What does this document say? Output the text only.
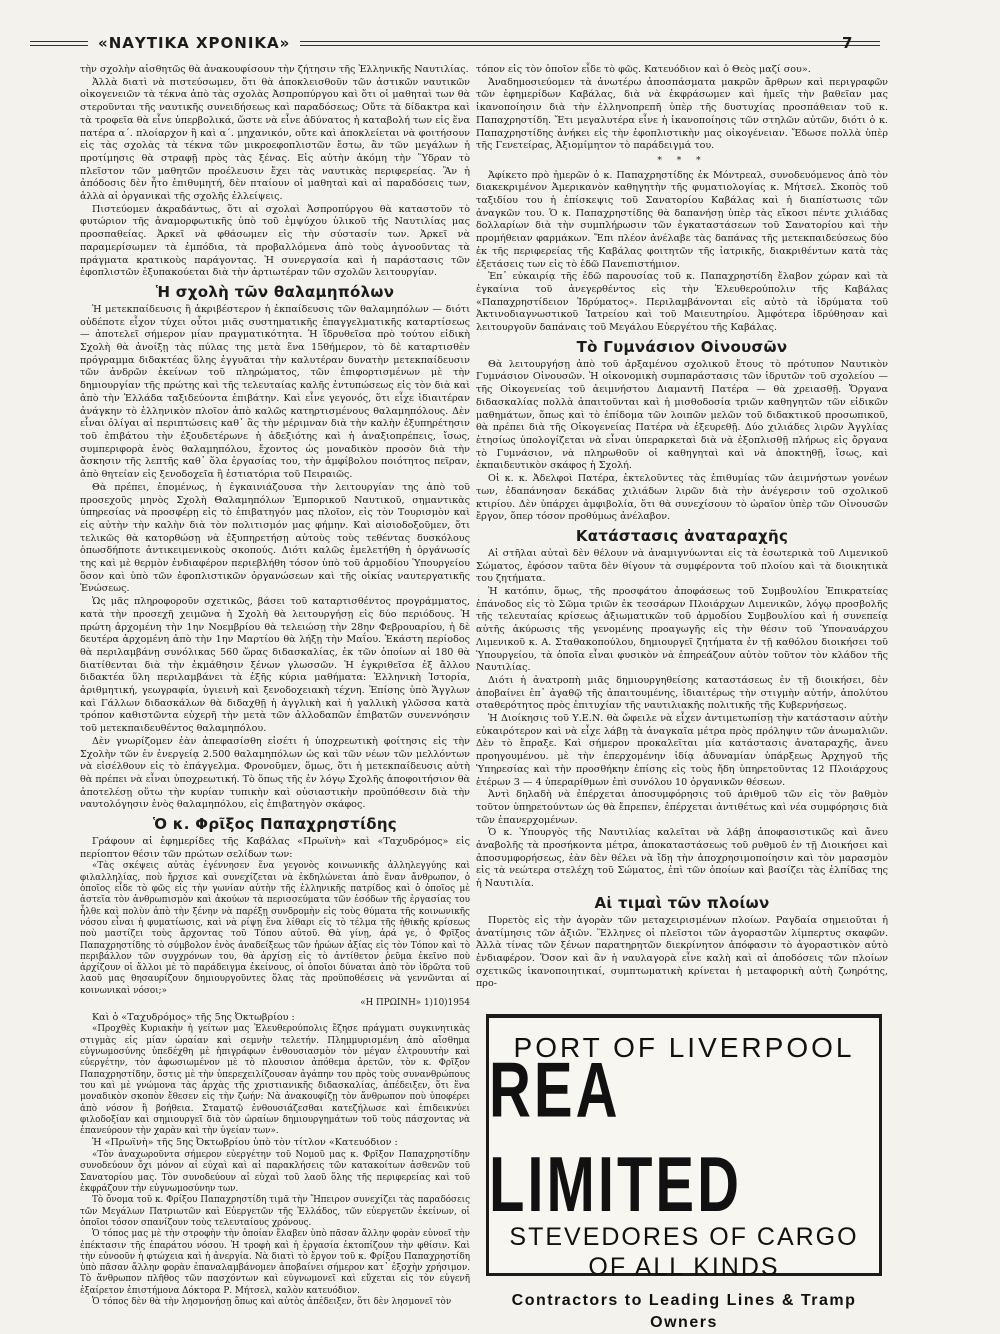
«ΝΑΥΤΙΚΑ ΧΡΟΝΙΚΑ»	7

τὴν σχολὴν αἰσθητῶς θὰ ἀνακουφίσουν τὴν ζήτησιν τῆς Ἑλληνικῆς Ναυτιλίας.

Ἀλλὰ διατὶ νὰ πιστεύσωμεν, ὅτι θὰ ἀποκλεισθοῦν τῶν ἀστικῶν ναυτικῶν οἰκογενειῶν τὰ τέκνα ἀπὸ τὰς σχολὰς Ἀσπροπύργου καὶ ὅτι οἱ μαθηταὶ των θὰ στεροῦνται τῆς ναυτικῆς συνειδήσεως καὶ παραδόσεως; Οὔτε τὰ δίδακτρα καὶ τὰ τροφεῖα θὰ εἶνε ὑπερβολικά, ὥστε νὰ εἶνε ἀδύνατος ἡ καταβολή των εἰς ἕνα πατέρα α΄. πλοίαρχον ἢ καὶ α΄. μηχανικόν, οὔτε καὶ ἀποκλείεται νὰ φοιτήσουν εἰς τὰς σχολὰς τὰ τέκνα τῶν μικροεφοπλιστῶν ἔστω, ἂν τῶν μεγάλων ἡ προτίμησις θὰ στραφῇ πρὸς τὰς ξένας. Εἰς αὐτὴν ἀκόμη τὴν Ὕδραν τὸ πλεῖστον τῶν μαθητῶν προέλευσιν ἔχει τὰς ναυτικὰς περιφερείας. Ἂν ἡ ἀπόδοσις δὲν ἦτο ἐπιθυμητή, δὲν πταίουν οἱ μαθηταὶ καὶ αἱ παραδόσεις των, ἀλλὰ αἱ ὀργανικαὶ τῆς σχολῆς ἐλλείψεις.

Πιστεύομεν ἀκραδάντως, ὅτι αἱ σχολαὶ Ἀσπροπύργου θὰ καταστοῦν τὸ φυτώριον τῆς ἀναμορφωτικῆς ὑπὸ τοῦ ἐμψύχου ὑλικοῦ τῆς Ναυτιλίας μας προσπαθείας. Ἀρκεῖ νὰ φθάσωμεν εἰς τὴν σύστασίν των. Ἀρκεῖ νὰ παραμερίσωμεν τὰ ἐμπόδια, τὰ προβαλλόμενα ἀπὸ τοὺς ἀγνοοῦντας τὰ πράγματα κρατικοὺς παράγοντας. Ἡ συνεργασία καὶ ἡ παράστασις τῶν ἐφοπλιστῶν ἐξυπακούεται διὰ τὴν ἀρτιωτέραν τῶν σχολῶν λειτουργίαν.

Ἡ σχολὴ τῶν θαλαμηπόλων

Ἡ μετεκπαίδευσις ἢ ἀκριβέστερον ἡ ἐκπαίδευσις τῶν θαλαμηπόλων — διότι οὐδέποτε εἶχον τύχει οὗτοι μιᾶς συστηματικῆς ἐπαγγελματικῆς καταρτίσεως — ἀποτελεῖ σήμερον μίαν πραγματικότητα. Ἡ ἵδρυθεῖσα πρὸ τούτου εἰδικὴ Σχολὴ θὰ ἀνοίξῃ τὰς πύλας της μετὰ ἕνα 15θήμερον, τὸ δὲ καταρτισθὲν πρόγραμμα διδακτέας ὕλης ἐγγυᾶται τὴν καλυτέραν δυνατὴν μετεκπαίδευσιν τῶν ἀνδρῶν ἐκείνων τοῦ πληρώματος, τῶν ἐπιφορτισμένων μὲ τὴν δημιουργίαν τῆς πρώτης καὶ τῆς τελευταίας καλῆς ἐντυπώσεως εἰς τὸν διὰ καὶ ἀπὸ τὴν Ἑλλάδα ταξιδεύοντα ἐπιβάτην. Καὶ εἶνε γεγονός, ὅτι εἶχε ἰδιαιτέραν ἀνάγκην τὸ ἑλληνικὸν πλοῖον ἀπὸ καλῶς κατηρτισμένους θαλαμηπόλους. Δὲν εἶναι ὀλίγαι αἱ περιπτώσεις καθ᾽ ἃς τὴν μέριμναν διὰ τὴν καλὴν ἐξυπηρέτησιν τοῦ ἐπιβάτου τὴν ἐξουδετέρωνε ἡ ἀδεξιότης καὶ ἡ ἀναξιοπρέπεις, ἴσως, συμπεριφορὰ ἑνὸς θαλαμηπόλου, ἔχοντος ὡς μοναδικὸν προσὸν διὰ τὴν ἄσκησιν τῆς λεπτῆς καθ᾽ ὅλα ἐργασίας του, τὴν ἀμφίβολου ποιότητος πεῖραν, ἀπὸ θητείαν εἰς ξενοδοχεῖα ἢ ἑστιατόρια τοῦ Πειραιῶς.

Θὰ πρέπει, ἑπομένως, ἡ ἐγκαινιάζουσα τὴν λειτουργίαν της ἀπὸ τοῦ προσεχοῦς μηνὸς Σχολὴ Θαλαμηπόλων Ἐμπορικοῦ Ναυτικοῦ, σημαντικὰς ὑπηρεσίας νὰ προσφέρῃ εἰς τὸ ἐπιβατηγόν μας πλοῖον, εἰς τὸν Τουρισμὸν καὶ εἰς αὐτὴν τὴν καλὴν διὰ τὸν πολιτισμόν μας φήμην. Καὶ αἰσιοδοξοῦμεν, ὅτι τελικῶς θὰ κατορθώσῃ νὰ ἐξυπηρετήσῃ αὐτοὺς τοὺς τεθέντας δυσκόλους ὁπωσδήποτε ἀντικειμενικοὺς σκοπούς. Διότι καλῶς ἐμελετήθη ἡ ὀργάνωσίς της καὶ μὲ θερμὸν ἐνδιαφέρον περιεβλήθη τόσον ὑπὸ τοῦ ἁρμοδίου Ὑπουργείου ὅσον καὶ ὑπὸ τῶν ἐφοπλιστικῶν ὀργανώσεων καὶ τῆς οἰκίας ναυτεργατικῆς Ἑνώσεως.

Ὡς μᾶς πληροφοροῦν σχετικῶς, βάσει τοῦ καταρτισθέντος προγράμματος, κατὰ τὴν προσεχῆ χειμῶνα ἡ Σχολὴ θὰ λειτουργήσῃ εἰς δύο περιόδους. Ἡ πρώτη ἀρχομένη τὴν 1ην Νοεμβρίου θὰ τελειώσῃ τὴν 28ην Φεβρουαρίου, ἡ δὲ δευτέρα ἀρχομένη ἀπὸ τὴν 1ην Μαρτίου θὰ λήξῃ τὴν Μαΐου. Ἑκάστη περίοδος θὰ περιλαμβάνῃ συνόλικας 560 ὥρας διδασκαλίας, ἐκ τῶν ὁποίων αἱ 180 θὰ διατίθενται διὰ τὴν ἐκμάθησιν ξένων γλωσσῶν. Ἡ ἐγκριθεῖσα ἐξ ἄλλου διδακτέα ὕλη περιλαμβάνει τὰ ἑξῆς κύρια μαθήματα: Ἑλληνικὴ Ἱστορία, ἀριθμητική, γεωγραφία, ὑγιεινὴ καὶ ξενοδοχειακὴ τέχνη. Ἐπίσης ὑπὸ Ἄγγλων καὶ Γάλλων διδασκάλων θὰ διδαχθῇ ἡ ἀγγλικὴ καὶ ἡ γαλλικὴ γλῶσσα κατὰ τρόπον καθιστῶντα εὐχερῆ τὴν μετὰ τῶν ἀλλοδαπῶν ἐπιβατῶν συνεννόησιν τοῦ μετεκπαιδευθέντος θαλαμηπόλου.

Δὲν γνωρίζομεν ἐὰν ἀπεφασίσθη εἰσέτι ἡ ὑποχρεωτικὴ φοίτησις εἰς τὴν Σχολὴν τῶν ἐν ἐνεργείᾳ 2.500 θαλαμηπόλων ὡς καὶ τῶν νέων τῶν μελλόντων νὰ εἰσέλθουν εἰς τὸ ἐπάγγελμα. Φρονοῦμεν, ὅμως, ὅτι ἡ μετεκπαίδευσις αὐτὴ θὰ πρέπει νὰ εἶναι ὑποχρεωτική. Τὸ ὅπως τῆς ἐν λόγῳ Σχολῆς ἀποφοιτήσιον θὰ ἀποτελέσῃ οὕτω τὴν κυρίαν τυπικὴν καὶ οὐσιαστικὴν προϋπόθεσιν διὰ τὴν ναυτολόγησιν ἑνὸς θαλαμηπόλου, εἰς ἐπιβατηγὸν σκάφος.

Ὁ κ. Φρῖξος Παπαχρηστίδης

Γράφουν αἱ ἐφημερίδες τῆς Καβάλας «Πρωϊνὴ» καὶ «Ταχυδρόμος» εἰς περίοπτον θέσιν τῶν πρώτων σελίδων των:

«Τὰς σκέψεις αὐτὰς ἐγέννησεν ἕνα γεγονὸς κοινωνικῆς ἀλληλεγγύης καὶ φιλαλληλίας, ποὺ ἤρχισε καὶ συνεχίζεται νὰ ἐκδηλώνεται ἀπὸ ἕναν ἄνθρωπον, ὁ ὁποῖος εἶδε τὸ φῶς εἰς τὴν γωνίαν αὐτὴν τῆς ἑλληνικῆς πατρίδος καὶ ὁ ὁποῖος μὲ ἀστεῖα τὸν ἀνθρωπισμὸν καὶ ἀκούων τὰ περισσεύματα τῶν ἐσόδων τῆς ἐργασίας του ἦλθε καὶ πολὺν ἀπὸ τὴν ξένην νὰ παρέξῃ συνδρομὴν εἰς τοὺς θύματα τῆς κοινωνικῆς νόσου εἶναι ἡ φυματίωσις, καὶ νὰ ρίψῃ ἕνα λίθαρι εἰς τὸ τέλμα τῆς ἠθικῆς κρίσεως ποὺ μαστίζει τοὺς ἄρχοντας τοῦ Τόπου αὐτοῦ. Θὰ γίνῃ, ἀρά γε, ὁ Φρῖξος Παπαχρηστίδης τὸ σύμβολον ἐνὸς ἀναδείξεως τῶν ἡρώων ἀξίας εἰς τὸν Τόπον καὶ τὸ περιβάλλον τῶν συγχρόνων του, θὰ ἀρχίσῃ εἰς τὸ ἀντίθετον ῥεῦμα ἐκεῖνο ποὺ ἀρχίζουν οἱ ἄλλοι μὲ τὸ παράδειγμα ἐκείνους, οἱ ὁποῖοι δύναται ἀπὸ τὸν ἱδρῶτα τοῦ λαοῦ μας θησαυρίζουν δημιουργοῦντες ὅλας τὰς προϋποθέσεις νὰ γεννῶνται αἱ κοινωνικαὶ νόσοι;»

«Η ΠΡΩΙΝΗ» 1)10)1954

Καὶ ὁ «Ταχυδρόμος» τῆς 5ης Ὀκτωβρίου :

«Προχθὲς Κυριακὴν ἡ γείτων μας Ἐλευθερούπολις ἔζησε πράγματι συγκινητικὰς στιγμὰς εἰς μίαν ὡραίαν καὶ σεμνὴν τελετήν. Πλημμυρισμένη ἀπὸ αἴσθημα εὐγνωμοσύνης ὑπεδέχθη μὲ ἡπιγράφων ἐνθουσιασμὸν τὸν μέγαν ἐλτρουυτὴν καὶ εὐεργέτην, τὸν ἀφωσιωμένον μὲ τὸ πλουσιον ἀπόθεμα ἀρετῶν, τὸν κ. Φρῖξον Παπαχρηστίδην, ὅστις μὲ τὴν ὑπερεχειλίζουσαν ἀγάπην του πρὸς τοὺς συνανθρώπους του καὶ μὲ γνώμονα τὰς ἀρχὰς τῆς χριστιανικῆς διδασκαλίας, ἀπέδειξεν, ὅτι ἕνα μοναδικὸν σκοπὸν ἔθεσεν εἰς τὴν ζωήν: Νὰ ἀνακουφίζῃ τὸν ἄνθρωπον ποὺ ὑποφέρει ἀπὸ νόσον ἢ βοήθεια. Σταματῷ ἐνθουσιάζεσθαι κατεζήλωσε καὶ ἐπιδεικνύει φιλοδοξίαν καὶ σημιουργεῖ διὰ τὸν ὡραίων δημιουργημάτων τοῦ τοὺς πάσχοντας νὰ ἐπανεύρουν τὴν χαρὰν καὶ τὴν ὑγείαν των».

Ἡ «Πρωϊνὴ» τῆς 5ης Ὀκτωβρίου ὑπὸ τὸν τίτλον «Κατευόδιον :

«Τὸν ἀναχωροῦντα σήμερον εὐεργέτην τοῦ Νομοῦ μας κ. Φρῖξον Παπαχρηστίδην συνοδεύουν ὄχι μόνον αἱ εὐχαὶ καὶ αἱ παρακλήσεις τῶν κατακοίτων ἀσθενῶν τοῦ Σανατορίου μας. Τὸν συνοδεύουν αἱ εὐχαὶ τοῦ λαοῦ ὅλης τῆς περιφερείας καὶ τοῦ ἐκφράζουν τὴν εὐγνωμοσύνην των.

Τὸ ὄνομα τοῦ κ. Φρίξου Παπαχρηστίδη τιμᾶ τὴν Ἤπειρον συνεχίζει τὰς παραδόσεις τῶν Μεγάλων Πατριωτῶν καὶ Εὐεργετῶν τῆς Ἑλλάδος, τῶν εὐεργετῶν ἐκείνων, οἱ ὁποῖοι τόσον σπανίζουν τοὺς τελευταίους χρόνους.

Ὁ τόπος μας μὲ τὴν στροφὴν τὴν ὁποίαν ἔλαβεν ὑπὸ πᾶσαν ἄλλην φορὰν εὑνοεῖ τὴν ἐπέκτασιν τῆς ἐπαράτου νόσου. Ἡ τροφὴ καὶ ἡ ἐργασία ἐκτοπίζουν τὴν φθίσιν. Καὶ τὴν εὐνοοῦν ἡ φτώχεια καὶ ἡ ἀνεργία. Νὰ διατὶ τὸ ἔργον τοῦ κ. Φρίξου Παπαχρηστίδη ὑπὸ πᾶσαν ἄλλην φορὰν ἐπαναλαμβάνομεν ἀποβαίνει σήμερον κατ᾽ ἐξοχὴν χρήσιμον. Τὸ ἄνθρωπον πλῆθος τῶν πασχόντων καὶ εὐγνωμονεῖ καὶ εὔχεται εἰς τὸν εὐγενῆ ἐξαίρετον ἐπιστήμονα Δόκτορα Ρ. Μήτσελ, καλὸν κατευόδιον.

Ὁ τόπος δὲν θὰ τὴν λησμονήσῃ ὅπως καὶ αὐτὸς ἀπέδειξεν, ὅτι δὲν λησμονεῖ τὸν

τόπον εἰς τὸν ὁποῖον εἶδε τὸ φῶς. Κατευόδιον καὶ ὁ Θεὸς μαζί σου».

Ἀναδημοσιεύομεν τὰ ἀνωτέρω ἀποσπάσματα μακρῶν ἄρθρων καὶ περιγραφῶν τῶν ἐφημερίδων Καβάλας, διὰ νὰ ἐκφράσωμεν καὶ ἡμεῖς τὴν βαθεῖαν μας ἱκανοποίησιν διὰ τὴν ἑλληνοπρεπῆ ὑπὲρ τῆς δυστυχίας προσπάθειαν τοῦ κ. Παπαχρηστίδη. Ἔτι μεγαλυτέρα εἶνε ἡ ἱκανοποίησις τῶν στηλῶν αὐτῶν, διότι ὁ κ. Παπαχρηστίδης ἀνήκει εἰς τὴν ἐφοπλιστικὴν μας οἰκογένειαν. Ἔδωσε πολλὰ ὑπὲρ τῆς Γενετείρας, Ἀξιομίμητον τὸ παράδειγμά του.

* * *

Ἀφίκετο πρὸ ἡμερῶν ὁ κ. Παπαχρηστίδης ἐκ Μόντρεαλ, συνοδευόμενος ἀπὸ τὸν διακεκριμένον Ἀμερικανὸν καθηγητὴν τῆς φυματιολογίας κ. Μήτσελ. Σκοπὸς τοῦ ταξιδίου του ἡ ἐπίσκεψις τοῦ Σανατορίου Καβάλας καὶ ἡ διαπίστωσις τῶν ἀναγκῶν του. Ὁ κ. Παπαχρηστίδης θὰ δαπανήσῃ ὑπὲρ τὰς εἴκοσι πέντε χιλιάδας δολλαρίων διὰ τὴν συμπλήρωσιν τῶν ἐγκαταστάσεων τοῦ Σανατορίου καὶ τὴν προμήθειαν φαρμάκων. Ἔπι πλέον ἀνέλαβε τὰς δαπάνας τῆς μετεκπαιδεύσεως δύο ἐκ τῆς περιφερείας τῆς Καβάλας φοιτητῶν τῆς ἰατρικῆς, διακριθέντων κατὰ τὰς ἐξετάσεις των εἰς τὸ ἐδῶ Πανεπιστήμιον.

Ἐπ᾽ εὐκαιρίᾳ τῆς ἐδῶ παρουσίας τοῦ κ. Παπαχρηστίδη ἔλαβον χώραν καὶ τὰ ἐγκαίνια τοῦ ἀνεγερθέντος εἰς τὴν Ἐλευθερούπολιν τῆς Καβάλας «Παπαχρηστίδειον Ἱδρύματος». Περιλαμβάνονται εἰς αὐτὸ τὰ ἱδρύματα τοῦ Ἀκτινοδιαγνωστικοῦ Ἰατρείου καὶ τοῦ Μαιευτηρίου. Ἀμφότερα ἱδρύθησαν καὶ λειτουργοῦν δαπάναις τοῦ Μεγάλου Εὐεργέτου τῆς Καβάλας.

Τὸ Γυμνάσιον Οἰνουσῶν

Θὰ λειτουργήσῃ ἀπὸ τοῦ ἀρξαμένου σχολικοῦ ἔτους τὸ πρότυπον Ναυτικὸν Γυμνάσιον Οἰνουσῶν. Ἡ οἰκονομικὴ συμπαράστασις τῶν ἱδρυτῶν τοῦ σχολείου — τῆς Οἰκογενείας τοῦ ἀειμνήστου Διαμαντῆ Πατέρα — θὰ χρειασθῇ. Ὄργανα διδασκαλίας πολλὰ ἀπαιτοῦνται καὶ ἡ μισθοδοσία τριῶν καθηγητῶν τῶν εἰδικῶν μαθημάτων, ὅπως καὶ τὸ ἐπίδομα τῶν λοιπῶν μελῶν τοῦ διδακτικοῦ προσωπικοῦ, θὰ πρέπει διὰ τῆς Οἰκογενείας Πατέρα νὰ ἐξευρεθῇ. Δύο χιλιάδες λιρῶν Ἀγγλίας ἐτησίως ὑπολογίζεται νὰ εἶναι ὑπεραρκεταὶ διὰ νὰ ἐξοπλισθῇ πλήρως εἰς ὄργανα τὸ Γυμνάσιον, νὰ πληρωθοῦν οἱ καθηγηταὶ καὶ νὰ ἀποκτηθῇ, ἴσως, καὶ ἐκπαιδευτικὸν σκάφος ἡ Σχολή.

Οἱ κ. κ. Ἀδελφοὶ Πατέρα, ἐκτελοῦντες τὰς ἐπιθυμίας τῶν ἀειμνήστων γονέων των, ἐδαπάνησαν δεκάδας χιλιάδων λιρῶν διὰ τὴν ἀνέγερσιν τοῦ σχολικοῦ κτιρίου. Δὲν ὑπάρχει ἀμφιβολία, ὅτι θὰ συνεχίσουν τὸ ὡραῖον ὑπὲρ τῶν Οἰνουσῶν ἔργον, ὅπερ τόσον προθύμως ἀνέλαβον.

Κατάστασις ἀναταραχῆς

Αἱ στῆλαι αὐταὶ δὲν θέλουν νὰ ἀναμιγνύωνται εἰς τὰ ἐσωτερικὰ τοῦ Λιμενικοῦ Σώματος, ἐφόσον ταῦτα δὲν θίγουν τὰ συμφέροντα τοῦ πλοίου καὶ τὰ διοικητικὰ του ζητήματα.

Ἡ κατόπιν, ὅμως, τῆς προσφάτου ἀποφάσεως τοῦ Συμβουλίου Ἐπικρατείας ἐπάνοδος εἰς τὸ Σῶμα τριῶν ἐκ τεσσάρων Πλοιάρχων Λιμενικῶν, λόγῳ προσβολῆς τῆς τελευταίας κρίσεως ἀξιωματικῶν τοῦ ἁρμοδίου Συμβουλίου καὶ ἡ συνεπείᾳ αὐτῆς ἀκύρωσις τῆς γενομένης προαγωγῆς εἰς τὴν θέσιν τοῦ Ὑποναυάρχου Λιμενικοῦ κ. Α. Σταθακοπούλου, δημιουργεῖ ζητήματα ἐν τῇ καθόλου διοικήσει τοῦ Ὑπουργείου, τὰ ὁποῖα εἶναι φυσικὸν νὰ ἐπηρεάζουν αὐτὸν τοῦτον τὸν κλάδον τῆς Ναυτιλίας.

Διότι ἡ ἀνατροπὴ μιᾶς δημιουργηθείσης καταστάσεως ἐν τῇ διοικήσει, δὲν ἀποβαίνει ἐπ᾽ ἀγαθῷ τῆς ἀπαιτουμένης, ἰδιαιτέρως τὴν στιγμὴν αὐτήν, ἀπολύτου σταθερότητος πρὸς ἐπιτυχίαν τῆς ναυτιλιακῆς πολιτικῆς τῆς Κυβερνήσεως.

Ἡ Διοίκησις τοῦ Υ.Ε.Ν. θὰ ὤφειλε νὰ εἶχεν ἀντιμετωπίσῃ τὴν κατάστασιν αὐτὴν εὐκαιρότερον καὶ νὰ εἶχε λάβῃ τὰ ἀναγκαῖα μέτρα πρὸς πρόληψιν τῶν ἀνωμαλιῶν. Δὲν τὸ ἔπραξε. Καὶ σήμερον προκαλεῖται μία κατάστασις ἀναταραχῆς, ἄνευ προηγουμένου. μὲ τὴν ἐπερχομένην ἰδίᾳ ἀδυναμίαν ὑπάρξεως Ἀρχηγοῦ τῆς Ὑπηρεσίας καὶ τὴν προσθήκην ἐπίσης εἰς τοὺς ἤδη ὑπηρετοῦντας 12 Πλοιάρχους ἑτέρων 3 — 4 ὑπεραρίθμων ἐπὶ συνόλου 10 ὀργανικῶν θέσεων.

Ἀντὶ δηλαδὴ νὰ ἐπέρχεται ἀποσυμφόρησις τοῦ ἀριθμοῦ τῶν εἰς τὸν βαθμὸν τοῦτον ὑπηρετούντων ὡς θὰ ἔπρεπεν, ἐπέρχεται ἀντιθέτως καὶ νέα συμφόρησις διὰ τῶν ἐπανερχομένων.

Ὁ κ. Ὑπουργὸς τῆς Ναυτιλίας καλεῖται νὰ λάβῃ ἀποφασιστικῶς καὶ ἄνευ ἀναβολῆς τὰ προσήκοντα μέτρα, ἀποκαταστάσεως τοῦ ρυθμοῦ ἐν τῇ Διοικήσει καὶ ἀποσυμφορήσεως, ἐὰν δὲν θέλει νὰ ἴδῃ τὴν ἀποχρησιμοποίησιν καὶ τὸν μαρασμὸν εἰς τὰ νεώτερα στελέχη τοῦ Σώματος, ἐπὶ τῶν ὁποίων καὶ βασίζει τὰς ἐλπίδας της ἡ Ναυτιλία.

Αἱ τιμαὶ τῶν πλοίων

Πυρετὸς εἰς τὴν ἀγορὰν τῶν μεταχειρισμένων πλοίων. Ραγδαία σημειοῦται ἡ ἀνατίμησις τῶν ἀξιῶν. Ἕλληνες οἱ πλεῖστοι τῶν ἀγοραστῶν λίμπερτυς σκαφῶν. Ἀλλὰ τίνας τῶν ξένων παρατηρητῶν διεκρίνητον ἀπόφασιν τὸ ἀγοραστικὸν αὐτὸ ἐνδιαφέρον. Ὅσον καὶ ἂν ἡ ναυλαγορὰ εἶνε καλὴ καὶ αἱ ἀποδόσεις τῶν πλοίων σχετικῶς ἱκανοποιητικαί, συμπτωματικὴ κρίνεται ἡ μεταφορικὴ αὐτὴ ζωηρότης, προ-

PORT OF LIVERPOOL
REA LIMITED
STEVEDORES OF CARGO
OF ALL KINDS
Contractors to Leading Lines & Tramp Owners
